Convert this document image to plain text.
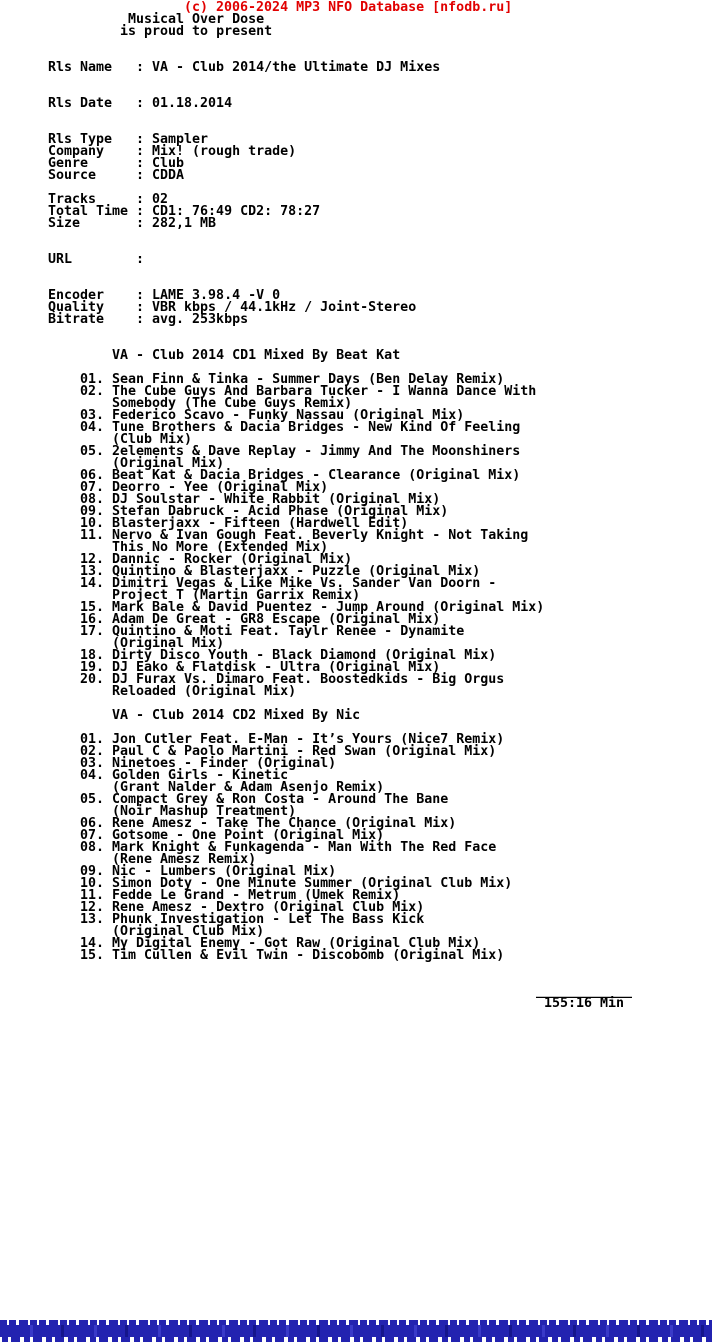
(c) 2006-2024 MP3 NFO Database [nfodb.ru]
Musical Over Dose
is proud to present
Rls Name : VA - Club 2014/the Ultimate DJ Mixes
Rls Date : 01.18.2014
Rls Type : Sampler
Company : Mix! (rough trade)
Genre	: Club
Source	: CDDA
Tracks	: 02
Total Time : CD1: 76:49 CD2: 78:27
Size	: 282,1 MB
URL	:
Encoder : LAME 3.98.4 -V 0
Quality : VBR kbps / 44.1kHz / Joint-Stereo
Bitrate : avg. 253kbps
VA - Club 2014 CD1 Mixed By Beat Kat
01. Sean Finn & Tinka - Summer Days (Ben Delay Remix)
02. The Cube Guys And Barbara Tucker - I Wanna Dance With
Somebody (The Cube Guys Remix)
03. Federico Scavo - Funky Nassau (Original Mix)
04. Tune Brothers & Dacia Bridges - New Kind Of Feeling
(Club Mix)
05. 2elements & Dave Replay - Jimmy And The Moonshiners
(Original Mix)
06. Beat Kat & Dacia Bridges - Clearance (Original Mix)
07. Deorro - Yee (Original Mix)
08. DJ Soulstar - White Rabbit (Original Mix)
09. Stefan Dabruck - Acid Phase (Original Mix)
10. Blasterjaxx - Fifteen (Hardwell Edit)
11. Nervo & Ivan Gough Feat. Beverly Knight - Not Taking
This No More (Extended Mix)
12. Dannic - Rocker (Original Mix)
13. Quintino & Blasterjaxx - Puzzle (Original Mix)
14. Dimitri Vegas & Like Mike Vs. Sander Van Doorn -
Project T (Martin Garrix Remix)
15. Mark Bale & David Puentez - Jump Around (Original Mix)
16. Adam De Great - GR8 Escape (Original Mix)
17. Quintino & Moti Feat. Taylr Renee - Dynamite
(Original Mix)
18. Dirty Disco Youth - Black Diamond (Original Mix)
19. DJ Eako & Flatdisk - Ultra (Original Mix)
20. DJ Furax Vs. Dimaro Feat. Boostedkids - Big Orgus
Reloaded (Original Mix)
VA - Club 2014 CD2 Mixed By Nic
01. Jon Cutler Feat. E-Man - It’s Yours (Nice7 Remix)
02. Paul C & Paolo Martini - Red Swan (Original Mix)
03. Ninetoes - Finder (Original)
04. Golden Girls - Kinetic
(Grant Nalder & Adam Asenjo Remix)
05. Compact Grey & Ron Costa - Around The Bane
(Noir Mashup Treatment)
06. Rene Amesz - Take The Chance (Original Mix)
07. Gotsome - One Point (Original Mix)
08. Mark Knight & Funkagenda - Man With The Red Face
(Rene Amesz Remix)
09. Nic - Lumbers (Original Mix)
10. Simon Doty - One Minute Summer (Original Club Mix)
11. Fedde Le Grand - Metrum (Umek Remix)
12. Rene Amesz - Dextro (Original Club Mix)
13. Phunk Investigation - Let The Bass Kick
(Original Club Mix)
14. My Digital Enemy - Got Raw (Original Club Mix)
15. Tim Cullen & Evil Twin - Discobomb (Original Mix)
____________
155:16 Min
